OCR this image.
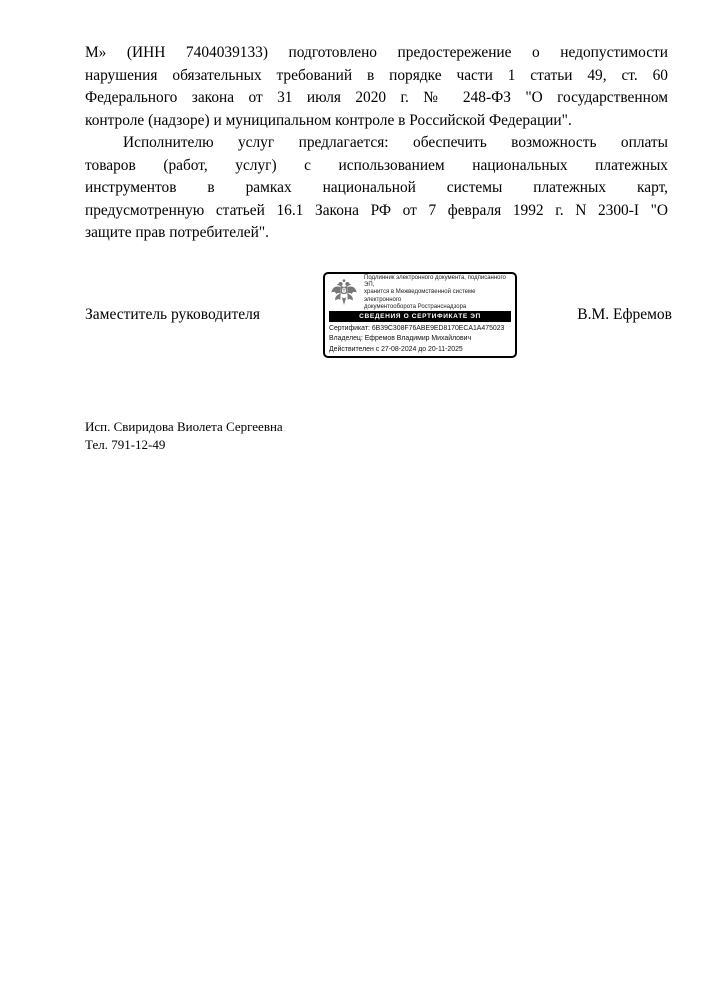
М» (ИНН 7404039133) подготовлено предостережение о недопустимости
нарушения обязательных требований в порядке части 1 статьи 49, ст. 60
Федерального закона от 31 июля 2020 г. № 248-ФЗ "О государственном
контроле (надзоре) и муниципальном контроле в Российской Федерации".
Исполнителю услуг предлагается: обеспечить возможность оплаты
товаров (работ, услуг) с использованием национальных платежных
инструментов в рамках национальной системы платежных карт,
предусмотренную статьей 16.1 Закона РФ от 7 февраля 1992 г. N 2300-I "О
защите прав потребителей".
Заместитель руководителя	В.М. Ефремов
Подлинник электронного документа, подписанного ЭП,
хранится в Межведомственной системе электронного
документооборота Ространснадзора
СВЕДЕНИЯ О СЕРТИФИКАТЕ ЭП
Сертификат: 6B39C308F76ABE9ED8170ECA1A475023
Владелец: Ефремов Владимир Михайлович
Действителен с 27-08-2024 до 20-11-2025
Исп. Свиридова Виолета Сергеевна
Тел. 791-12-49
